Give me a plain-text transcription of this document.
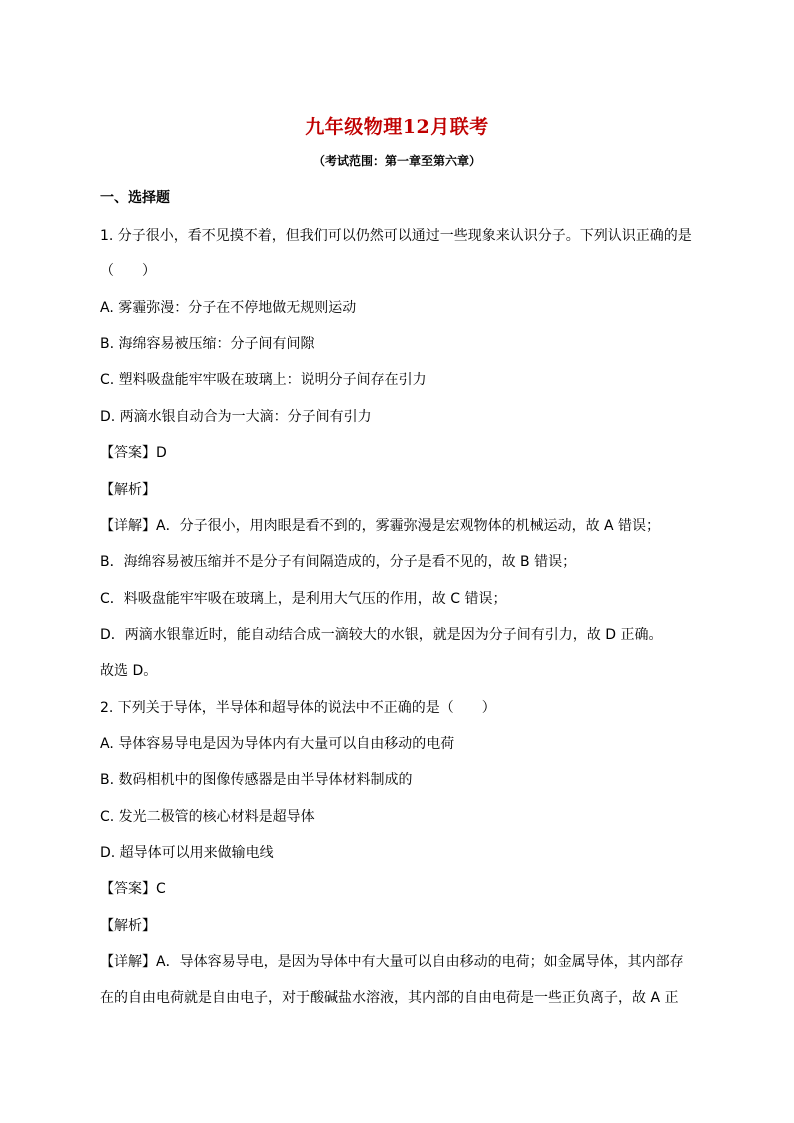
九年级物理12月联考
（考试范围：第一章至第六章）
一、选择题
1. 分子很小，看不见摸不着，但我们可以仍然可以通过一些现象来认识分子。下列认识正确的是
（　　）
A. 雾霾弥漫：分子在不停地做无规则运动
B. 海绵容易被压缩：分子间有间隙
C. 塑料吸盘能牢牢吸在玻璃上：说明分子间存在引力
D. 两滴水银自动合为一大滴：分子间有引力
【答案】D
【解析】
【详解】A．分子很小，用肉眼是看不到的，雾霾弥漫是宏观物体的机械运动，故 A 错误；
B．海绵容易被压缩并不是分子有间隔造成的，分子是看不见的，故 B 错误；
C．料吸盘能牢牢吸在玻璃上，是利用大气压的作用，故 C 错误；
D．两滴水银靠近时，能自动结合成一滴较大的水银，就是因为分子间有引力，故 D 正确。
故选 D。
2. 下列关于导体，半导体和超导体的说法中不正确的是（　　）
A. 导体容易导电是因为导体内有大量可以自由移动的电荷
B. 数码相机中的图像传感器是由半导体材料制成的
C. 发光二极管的核心材料是超导体
D. 超导体可以用来做输电线
【答案】C
【解析】
【详解】A．导体容易导电，是因为导体中有大量可以自由移动的电荷；如金属导体，其内部存
在的自由电荷就是自由电子，对于酸碱盐水溶液，其内部的自由电荷是一些正负离子，故 A 正
